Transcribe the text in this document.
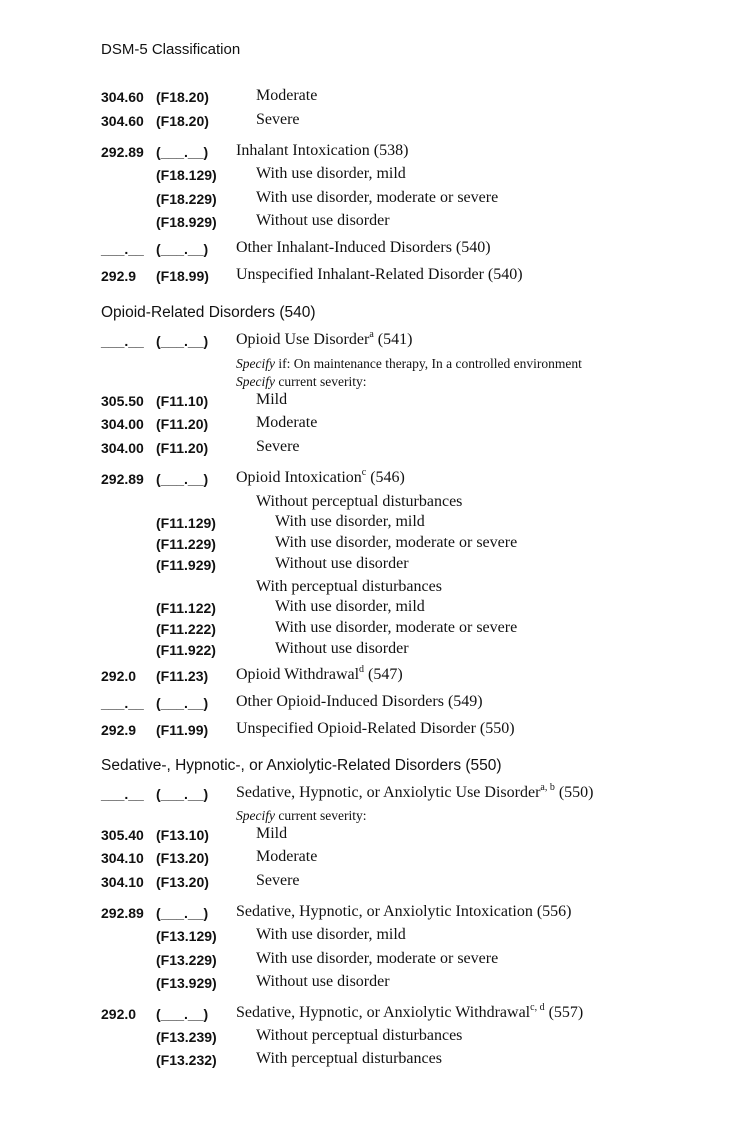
DSM-5 Classification
304.60 (F18.20)	Moderate
304.60 (F18.20)	Severe
292.89 (___.__) Inhalant Intoxication (538)
(F18.129) With use disorder, mild
(F18.229) With use disorder, moderate or severe
(F18.929) Without use disorder
___.__ (___.__) Other Inhalant-Induced Disorders (540)
292.9 (F18.99) Unspecified Inhalant-Related Disorder (540)
Opioid-Related Disorders (540)
___.__ (___.__) Opioid Use Disorder$^a$ (541)
Specify if: On maintenance therapy, In a controlled environment
Specify current severity:
305.50 (F11.10)	Mild
304.00 (F11.20)	Moderate
304.00 (F11.20)	Severe
292.89 (___.__) Opioid Intoxication$^c$ (546)
Without perceptual disturbances
(F11.129)	With use disorder, mild
(F11.229)	With use disorder, moderate or severe
(F11.929)	Without use disorder
With perceptual disturbances
(F11.122)	With use disorder, mild
(F11.222)	With use disorder, moderate or severe
(F11.922)	Without use disorder
292.0 (F11.23) Opioid Withdrawal$^d$ (547)
___.__ (___.__) Other Opioid-Induced Disorders (549)
292.9 (F11.99) Unspecified Opioid-Related Disorder (550)
Sedative-, Hypnotic-, or Anxiolytic-Related Disorders (550)
___.__ (___.__) Sedative, Hypnotic, or Anxiolytic Use Disorder$^{a, b}$ (550)
Specify current severity:
305.40 (F13.10)	Mild
304.10 (F13.20)	Moderate
304.10 (F13.20)	Severe
292.89 (___.__) Sedative, Hypnotic, or Anxiolytic Intoxication (556)
(F13.129) With use disorder, mild
(F13.229) With use disorder, moderate or severe
(F13.929) Without use disorder
292.0 (___.__) Sedative, Hypnotic, or Anxiolytic Withdrawal$^{c, d}$ (557)
(F13.239) Without perceptual disturbances
(F13.232) With perceptual disturbances
